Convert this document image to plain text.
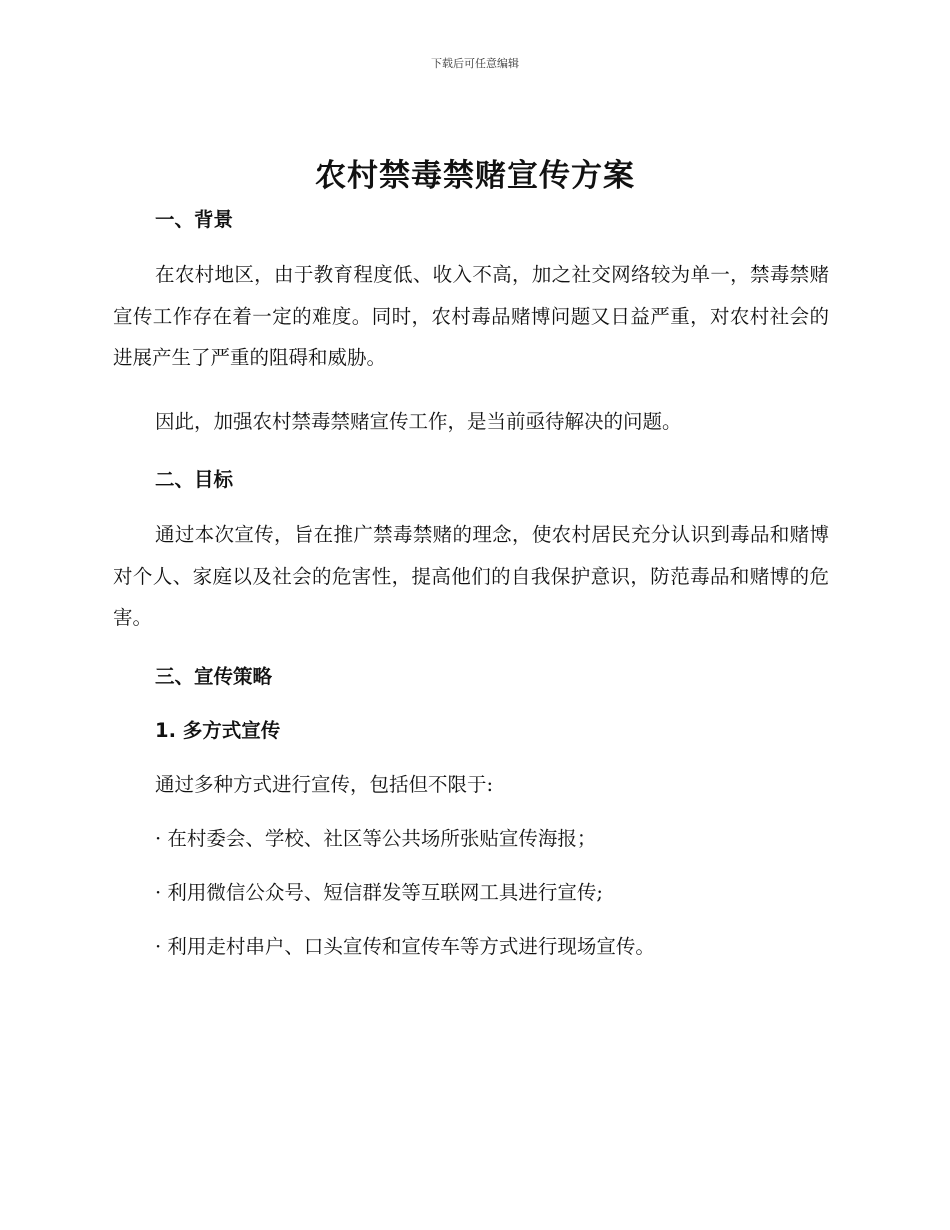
下载后可任意编辑
农村禁毒禁赌宣传方案

一、背景

在农村地区，由于教育程度低、收入不高，加之社交网络较为单一，禁毒禁赌宣传工作存在着一定的难度。同时，农村毒品赌博问题又日益严重，对农村社会的进展产生了严重的阻碍和威胁。

因此，加强农村禁毒禁赌宣传工作，是当前亟待解决的问题。

二、目标

通过本次宣传，旨在推广禁毒禁赌的理念，使农村居民充分认识到毒品和赌博对个人、家庭以及社会的危害性，提高他们的自我保护意识，防范毒品和赌博的危害。

三、宣传策略

1. 多方式宣传

通过多种方式进行宣传，包括但不限于:

· 在村委会、学校、社区等公共场所张贴宣传海报；

· 利用微信公众号、短信群发等互联网工具进行宣传;

· 利用走村串户、口头宣传和宣传车等方式进行现场宣传。
